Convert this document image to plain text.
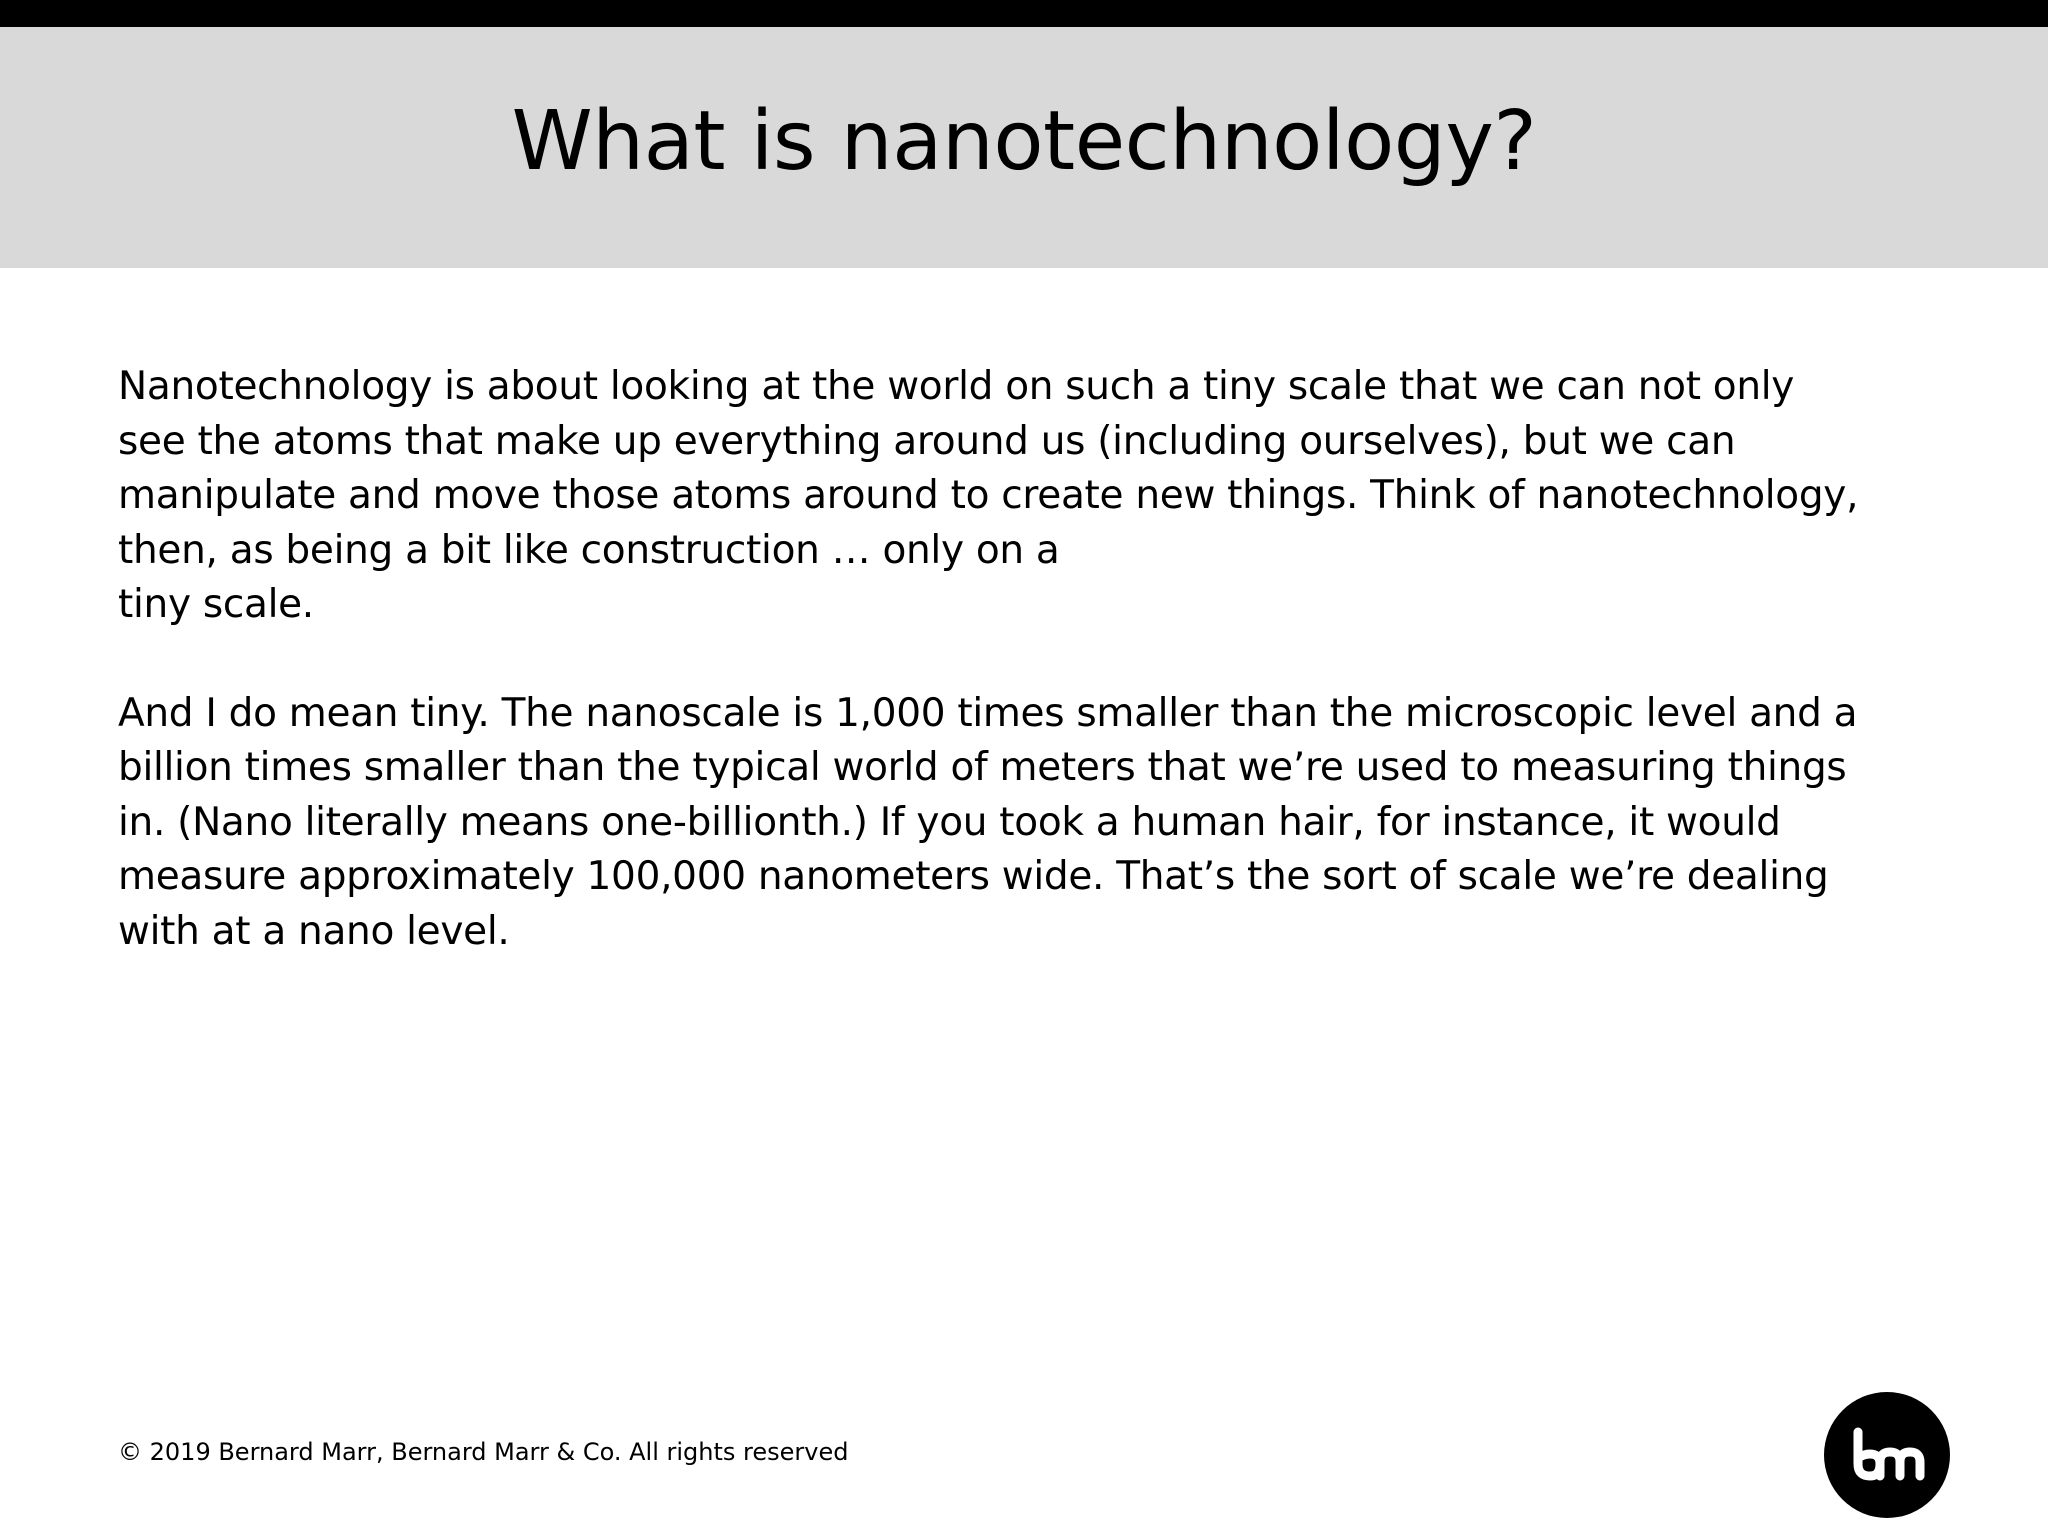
What is nanotechnology?

Nanotechnology is about looking at the world on such a tiny scale that we can not only
see the atoms that make up everything around us (including ourselves), but we can
manipulate and move those atoms around to create new things. Think of nanotechnology,
then, as being a bit like construction … only on a
tiny scale.

And I do mean tiny. The nanoscale is 1,000 times smaller than the microscopic level and a
billion times smaller than the typical world of meters that we’re used to measuring things
in. (Nano literally means one-billionth.) If you took a human hair, for instance, it would
measure approximately 100,000 nanometers wide. That’s the sort of scale we’re dealing
with at a nano level.

© 2019 Bernard Marr, Bernard Marr & Co. All rights reserved
